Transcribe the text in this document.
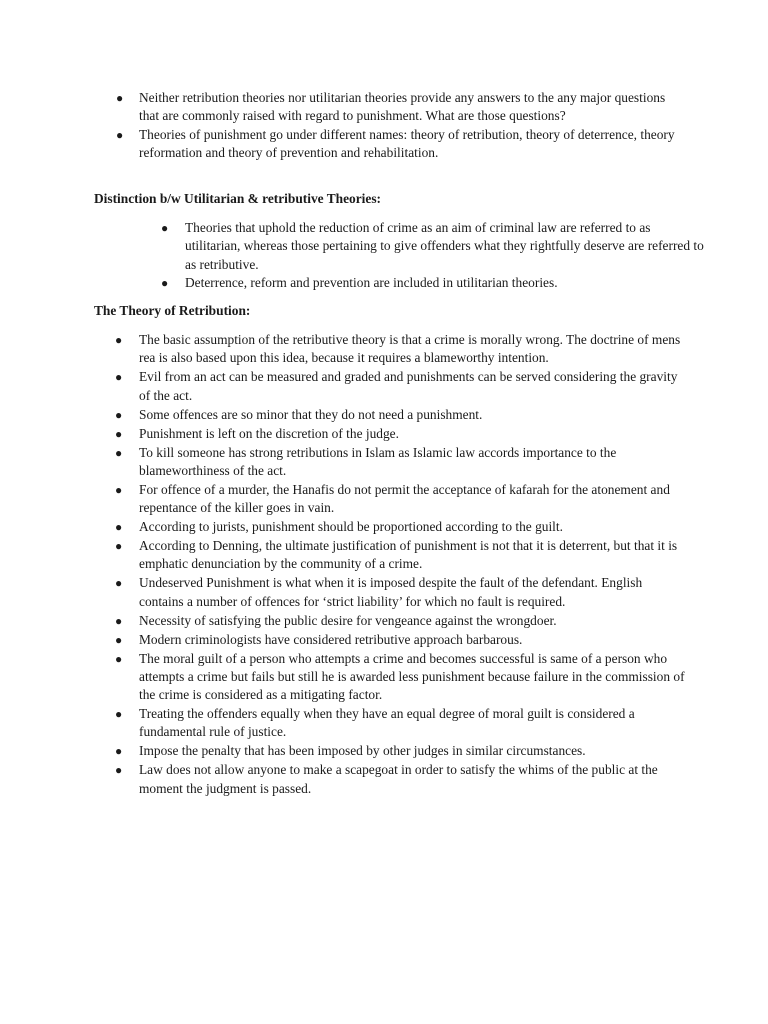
● Neither retribution theories nor utilitarian theories provide any answers to the any major questions that are commonly raised with regard to punishment. What are those questions?
● Theories of punishment go under different names: theory of retribution, theory of deterrence, theory reformation and theory of prevention and rehabilitation.
Distinction b/w Utilitarian & retributive Theories:
● Theories that uphold the reduction of crime as an aim of criminal law are referred to as utilitarian, whereas those pertaining to give offenders what they rightfully deserve are referred to as retributive.
● Deterrence, reform and prevention are included in utilitarian theories.
The Theory of Retribution:
● The basic assumption of the retributive theory is that a crime is morally wrong. The doctrine of mens rea is also based upon this idea, because it requires a blameworthy intention.
● Evil from an act can be measured and graded and punishments can be served considering the gravity of the act.
● Some offences are so minor that they do not need a punishment.
● Punishment is left on the discretion of the judge.
● To kill someone has strong retributions in Islam as Islamic law accords importance to the blameworthiness of the act.
● For offence of a murder, the Hanafis do not permit the acceptance of kafarah for the atonement and repentance of the killer goes in vain.
● According to jurists, punishment should be proportioned according to the guilt.
● According to Denning, the ultimate justification of punishment is not that it is deterrent, but that it is emphatic denunciation by the community of a crime.
● Undeserved Punishment is what when it is imposed despite the fault of the defendant. English contains a number of offences for ‘strict liability’ for which no fault is required.
● Necessity of satisfying the public desire for vengeance against the wrongdoer.
● Modern criminologists have considered retributive approach barbarous.
● The moral guilt of a person who attempts a crime and becomes successful is same of a person who attempts a crime but fails but still he is awarded less punishment because failure in the commission of the crime is considered as a mitigating factor.
● Treating the offenders equally when they have an equal degree of moral guilt is considered a fundamental rule of justice.
● Impose the penalty that has been imposed by other judges in similar circumstances.
● Law does not allow anyone to make a scapegoat in order to satisfy the whims of the public at the moment the judgment is passed.
